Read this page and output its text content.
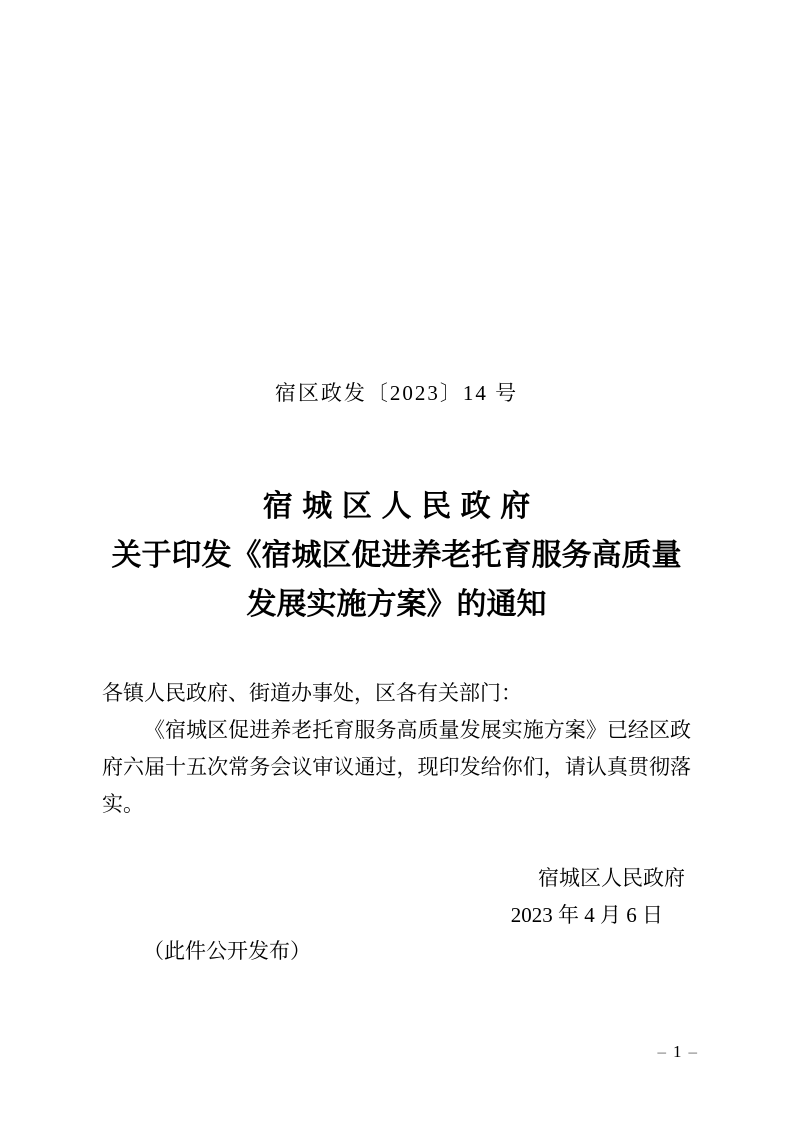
宿区政发〔2023〕14 号
宿城区人民政府
关于印发《宿城区促进养老托育服务高质量
发展实施方案》的通知

各镇人民政府、街道办事处，区各有关部门：

《宿城区促进养老托育服务高质量发展实施方案》已经区政府六届十五次常务会议审议通过，现印发给你们，请认真贯彻落实。

宿城区人民政府
2023 年 4 月 6 日
（此件公开发布）
– 1 –
